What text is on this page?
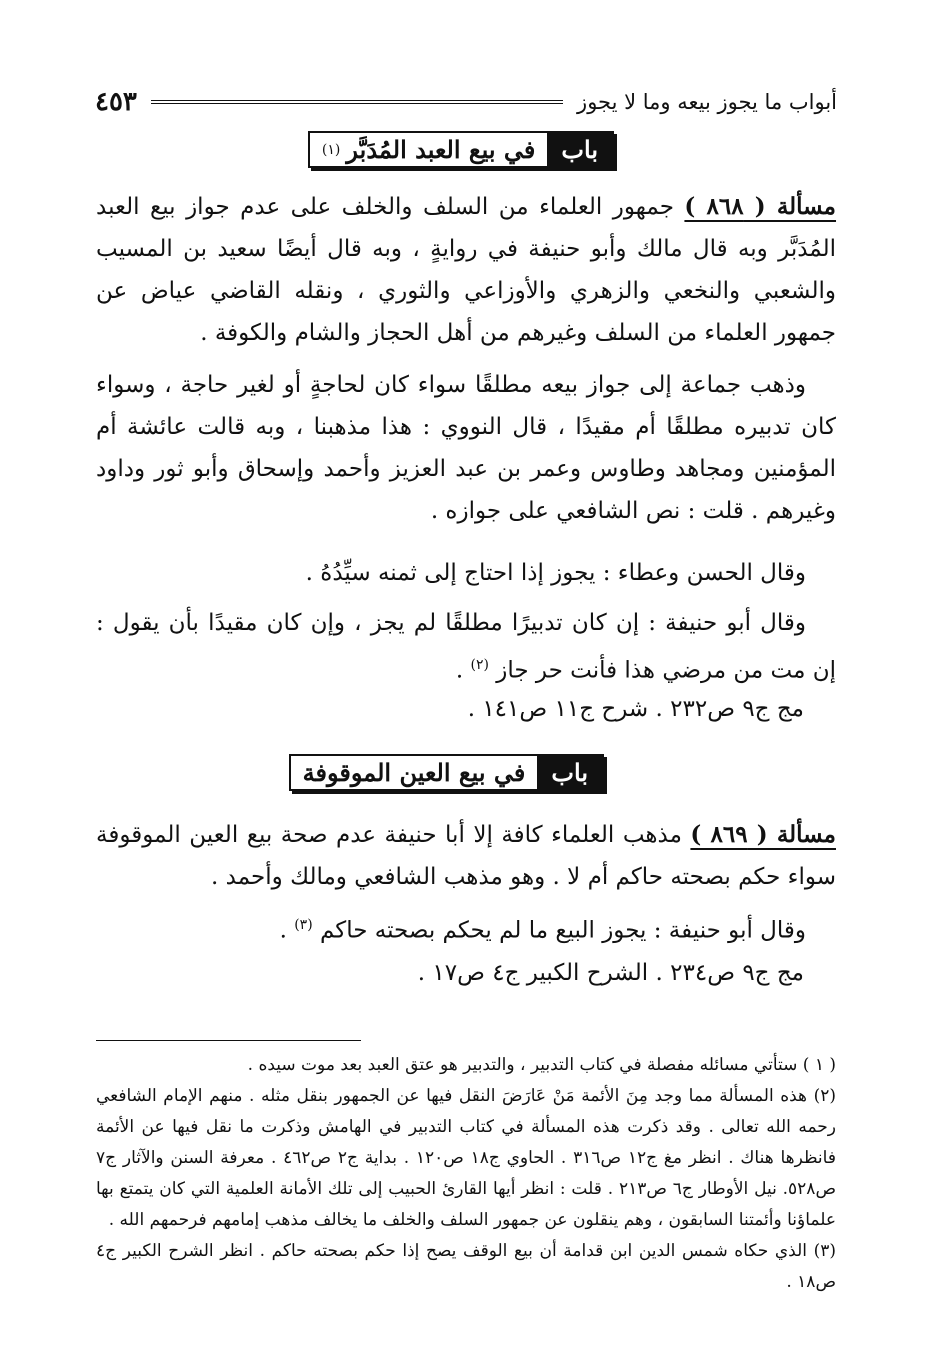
أبواب ما يجوز بيعه وما لا يجوز
٤٥٣
باب
في بيع العبد المُدَبَّر
(١)

مسألة ( ٨٦٨ ) جمهور العلماء من السلف والخلف على عدم جواز بيع العبد المُدَبَّر وبه قال مالك وأبو حنيفة في روايةٍ ، وبه قال أيضًا سعيد بن المسيب والشعبي والنخعي والزهري والأوزاعي والثوري ، ونقله القاضي عياض عن جمهور العلماء من السلف وغيرهم من أهل الحجاز والشام والكوفة .

وذهب جماعة إلى جواز بيعه مطلقًا سواء كان لحاجةٍ أو لغير حاجة ، وسواء كان تدبيره مطلقًا أم مقيدًا ، قال النووي : هذا مذهبنا ، وبه قالت عائشة أم المؤمنين ومجاهد وطاوس وعمر بن عبد العزيز وأحمد وإسحاق وأبو ثور وداود وغيرهم . قلت : نص الشافعي على جوازه .

وقال الحسن وعطاء : يجوز إذا احتاج إلى ثمنه سيِّدُهُ .

وقال أبو حنيفة : إن كان تدبيرًا مطلقًا لم يجز ، وإن كان مقيدًا بأن يقول : إن مت من مرضي هذا فأنت حر جاز $^{(٢)}$ .

مج ج٩ ص٢٣٢ . شرح ج١١ ص١٤١ .
باب
في بيع العين الموقوفة

مسألة ( ٨٦٩ ) مذهب العلماء كافة إلا أبا حنيفة عدم صحة بيع العين الموقوفة سواء حكم بصحته حاكم أم لا . وهو مذهب الشافعي ومالك وأحمد .

وقال أبو حنيفة : يجوز البيع ما لم يحكم بصحته حاكم $^{(٣)}$ .

مج ج٩ ص٢٣٤ . الشرح الكبير ج٤ ص١٧ .

( ١ ) ستأتي مسائله مفصلة في كتاب التدبير ، والتدبير هو عتق العبد بعد موت سيده .

(٢) هذه المسألة مما وجد مِنَ الأئمة مَنْ عَارَضَ النقل فيها عن الجمهور بنقل مثله . منهم الإمام الشافعي رحمه الله تعالى . وقد ذكرت هذه المسألة في كتاب التدبير في الهامش وذكرت ما نقل فيها عن الأئمة فانظرها هناك . انظر مغ ج١٢ ص٣١٦ . الحاوي ج١٨ ص١٢٠ . بداية ج٢ ص٤٦٢ . معرفة السنن والآثار ج٧ ص٥٢٨. نيل الأوطار ج٦ ص٢١٣ . قلت : انظر أيها القارئ الحبيب إلى تلك الأمانة العلمية التي كان يتمتع بها علماؤنا وأئمتنا السابقون ، وهم ينقلون عن جمهور السلف والخلف ما يخالف مذهب إمامهم فرحمهم الله .

(٣) الذي حكاه شمس الدين ابن قدامة أن بيع الوقف يصح إذا حكم بصحته حاكم . انظر الشرح الكبير ج٤ ص١٨ .
